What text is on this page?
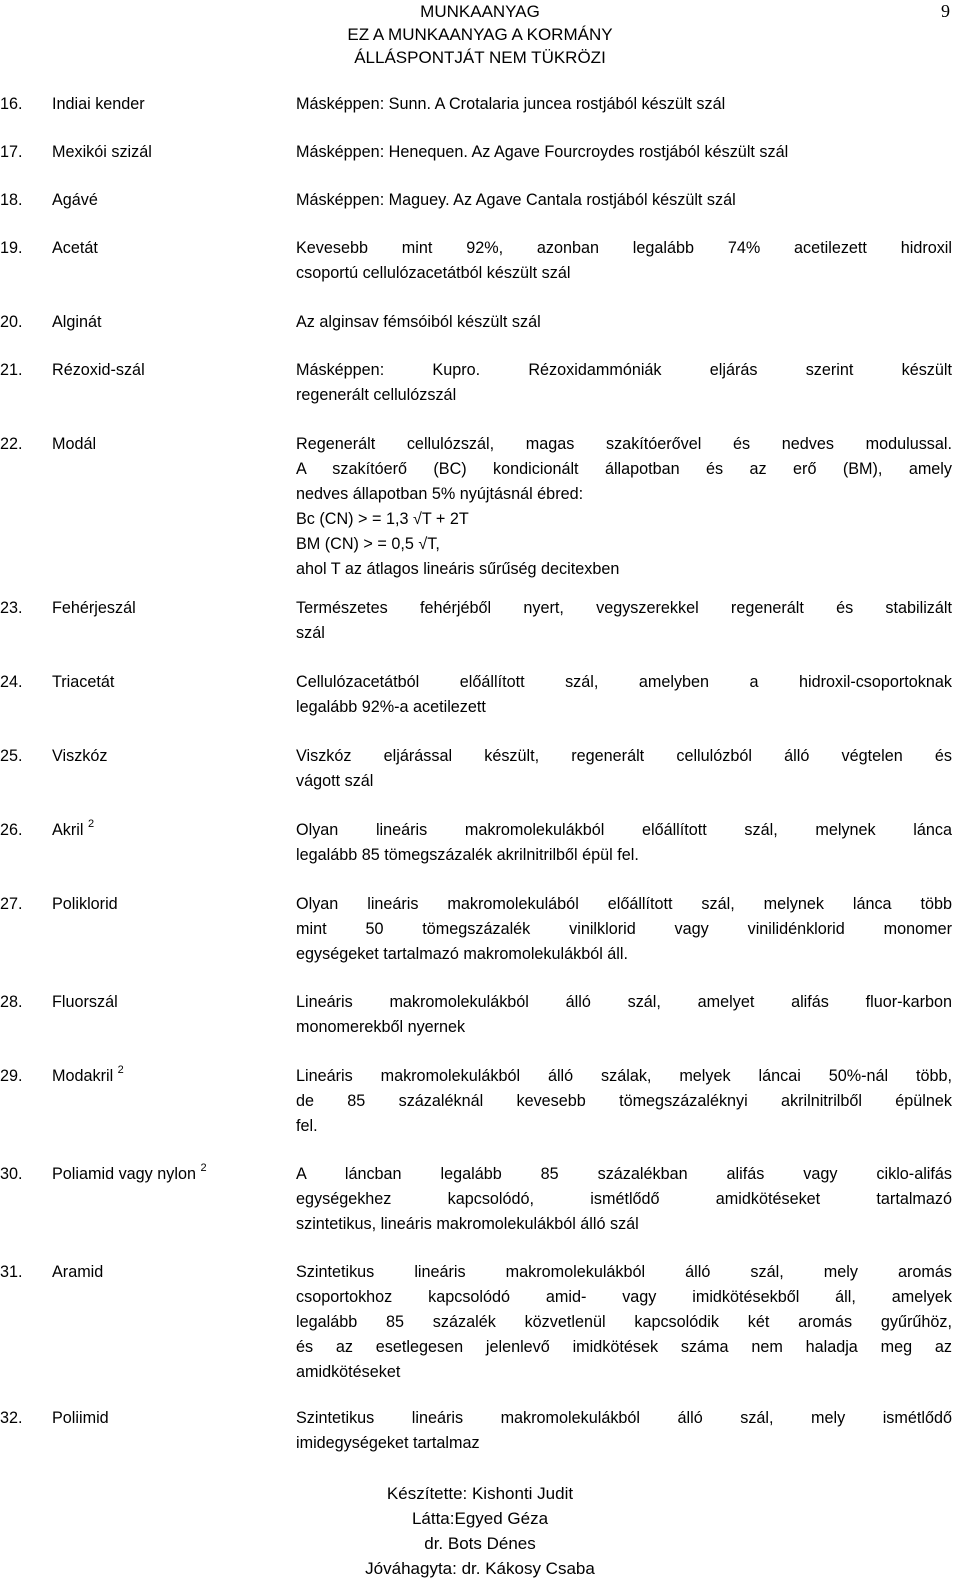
MUNKAANYAG
EZ A MUNKAANYAG A KORMÁNY
ÁLLÁSPONTJÁT NEM TÜKRÖZI
9
16.	Indiai kender	Másképpen: Sunn. A Crotalaria juncea rostjából készült szál
17.	Mexikói szizál	Másképpen: Henequen. Az Agave Fourcroydes rostjából készült szál
18.	Agávé	Másképpen: Maguey. Az Agave Cantala rostjából készült szál
19.	Acetát	Kevesebb mint 92%, azonban legalább 74% acetilezett hidroxil
csoportú cellulózacetátból készült szál
20.	Alginát	Az alginsav fémsóiból készült szál
21.	Rézoxid-szál	Másképpen: Kupro. Rézoxidammóniák eljárás szerint készült
regenerált cellulózszál
22.	Modál	Regenerált cellulózszál, magas szakítóerővel és nedves modulussal.
A szakítóerő (BC) kondicionált állapotban és az erő (BM), amely
nedves állapotban 5% nyújtásnál ébred:
Bc (CN) > = 1,3 √T + 2T
BM (CN) > = 0,5 √T,
ahol T az átlagos lineáris sűrűség decitexben
23.	Fehérjeszál	Természetes fehérjéből nyert, vegyszerekkel regenerált és stabilizált
szál
24.	Triacetát	Cellulózacetátból előállított szál, amelyben a hidroxil-csoportoknak
legalább 92%-a acetilezett
25.	Viszkóz	Viszkóz eljárással készült, regenerált cellulózból álló végtelen és
vágott szál
26.	Akril $^2$	Olyan lineáris makromolekulákból előállított szál, melynek lánca
legalább 85 tömegszázalék akrilnitrilből épül fel.
27.	Poliklorid	Olyan lineáris makromolekulából előállított szál, melynek lánca több
mint 50 tömegszázalék vinilklorid vagy vinilidénklorid monomer
egységeket tartalmazó makromolekulákból áll.
28.	Fluorszál	Lineáris makromolekulákból álló szál, amelyet alifás fluor-karbon
monomerekből nyernek
29.	Modakril $^2$	Lineáris makromolekulákból álló szálak, melyek láncai 50%-nál több,
de 85 százaléknál kevesebb tömegszázaléknyi akrilnitrilből épülnek
fel.
30.	Poliamid vagy nylon $^2$	A láncban legalább 85 százalékban alifás vagy ciklo-alifás
egységekhez kapcsolódó, ismétlődő amidkötéseket tartalmazó
szintetikus, lineáris makromolekulákból álló szál
31.	Aramid	Szintetikus lineáris makromolekulákból álló szál, mely aromás
csoportokhoz kapcsolódó amid- vagy imidkötésekből áll, amelyek
legalább 85 százalék közvetlenül kapcsolódik két aromás gyűrűhöz,
és az esetlegesen jelenlevő imidkötések száma nem haladja meg az
amidkötéseket
32.	Poliimid	Szintetikus lineáris makromolekulákból álló szál, mely ismétlődő
imidegységeket tartalmaz
Készítette: Kishonti Judit
Látta:Egyed Géza
dr. Bots Dénes
Jóváhagyta: dr. Kákosy Csaba
